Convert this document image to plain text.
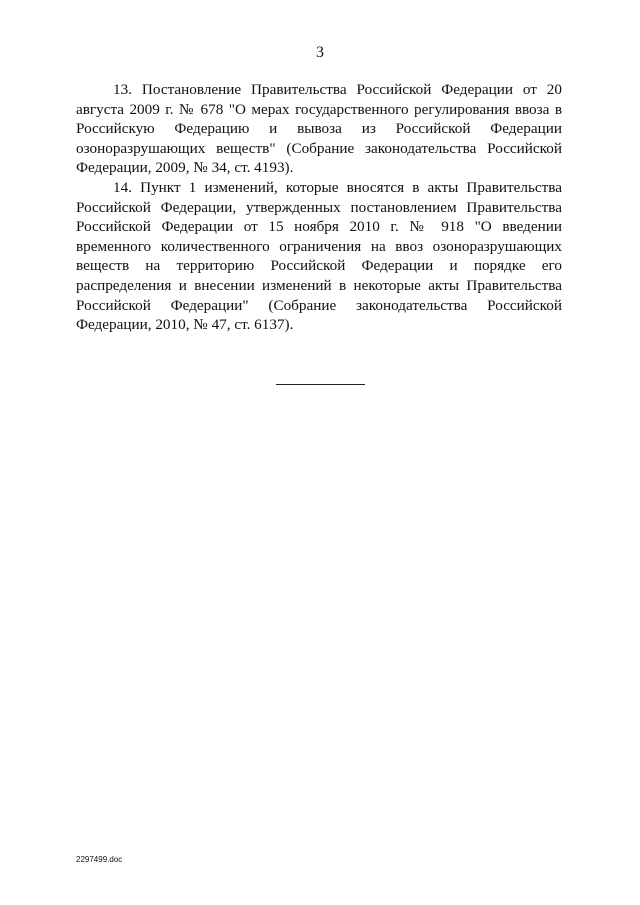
3

13. Постановление Правительства Российской Федерации от 20 августа 2009 г. № 678 "О мерах государственного регулирования ввоза в Российскую Федерацию и вывоза из Российской Федерации озоноразрушающих веществ" (Собрание законодательства Российской Федерации, 2009, № 34, ст. 4193).

14. Пункт 1 изменений, которые вносятся в акты Правительства Российской Федерации, утвержденных постановлением Правительства Российской Федерации от 15 ноября 2010 г. № 918 "О введении временного количественного ограничения на ввоз озоноразрушающих веществ на территорию Российской Федерации и порядке его распределения и внесении изменений в некоторые акты Правительства Российской Федерации" (Собрание законодательства Российской Федерации, 2010, № 47, ст. 6137).

2297499.doc
